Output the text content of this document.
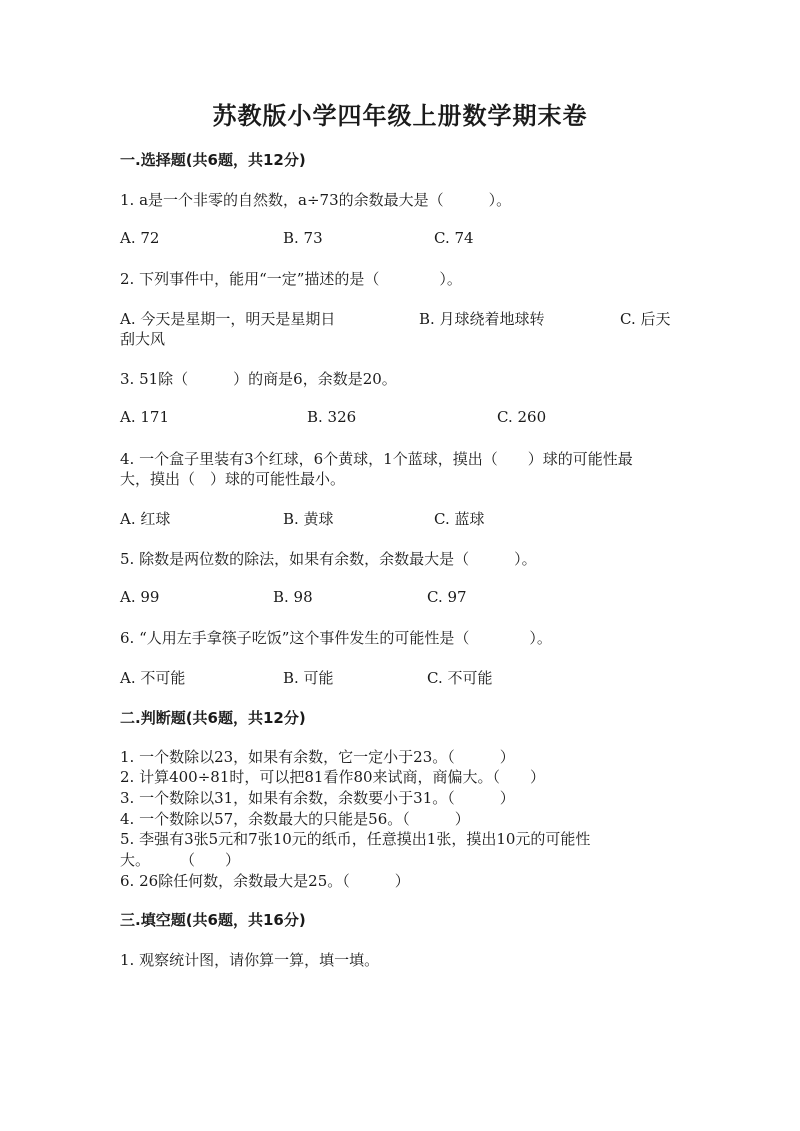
苏教版小学四年级上册数学期末卷
一.选择题(共6题，共12分)
1. a是一个非零的自然数，a÷73的余数最大是（　　　）。
A. 72	B. 73	C. 74
2. 下列事件中，能用“一定”描述的是（　　　　）。
A. 今天是星期一，明天是星期日	B. 月球绕着地球转	C. 后天
刮大风
3. 51除（　　　）的商是6，余数是20。
A. 171	B. 326	C. 260
4. 一个盒子里装有3个红球，6个黄球，1个蓝球，摸出（　　）球的可能性最
大，摸出（　）球的可能性最小。
A. 红球	B. 黄球	C. 蓝球
5. 除数是两位数的除法，如果有余数，余数最大是（　　　）。
A. 99	B. 98	C. 97
6. “人用左手拿筷子吃饭”这个事件发生的可能性是（　　　　）。
A. 不可能	B. 可能	C. 不可能
二.判断题(共6题，共12分)
1. 一个数除以23，如果有余数，它一定小于23。（　　　）
2. 计算400÷81时，可以把81看作80来试商，商偏大。（　　）
3. 一个数除以31，如果有余数，余数要小于31。（　　　）
4. 一个数除以57，余数最大的只能是56。（　　　）
5. 李强有3张5元和7张10元的纸币，任意摸出1张，摸出10元的可能性
大。　　　（　　）
6. 26除任何数，余数最大是25。（　　　）
三.填空题(共6题，共16分)
1. 观察统计图，请你算一算，填一填。
